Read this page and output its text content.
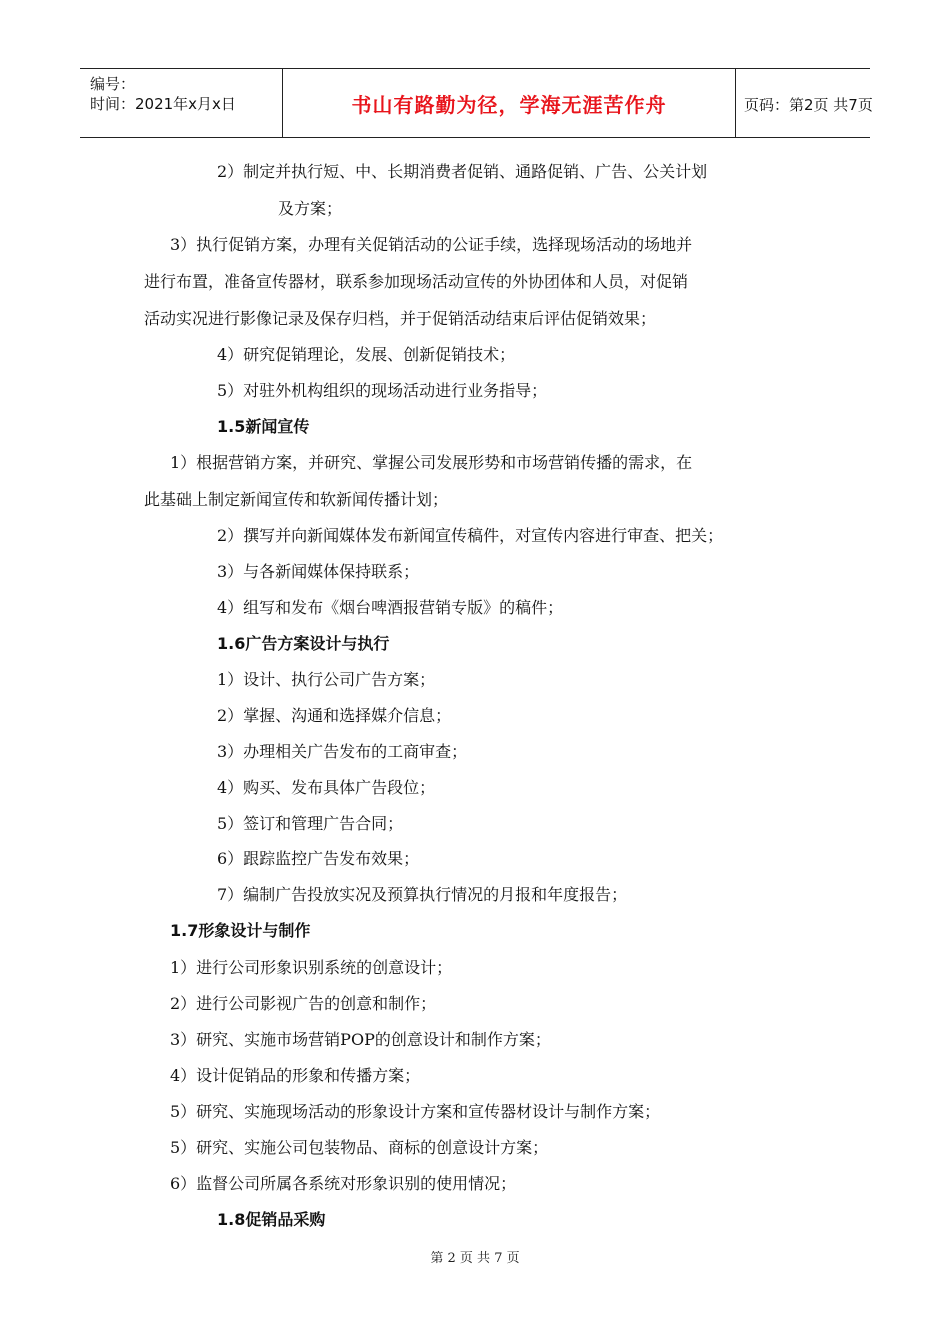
编号：
时间：2021年x月x日	书山有路勤为径，学海无涯苦作舟	页码：第2页 共7页
2）制定并执行短、中、长期消费者促销、通路促销、广告、公关计划
及方案；
3）执行促销方案，办理有关促销活动的公证手续，选择现场活动的场地并
进行布置，准备宣传器材，联系参加现场活动宣传的外协团体和人员，对促销
活动实况进行影像记录及保存归档，并于促销活动结束后评估促销效果；
4）研究促销理论，发展、创新促销技术；
5）对驻外机构组织的现场活动进行业务指导；
1.5新闻宣传
1）根据营销方案，并研究、掌握公司发展形势和市场营销传播的需求，在
此基础上制定新闻宣传和软新闻传播计划；
2）撰写并向新闻媒体发布新闻宣传稿件，对宣传内容进行审查、把关；
3）与各新闻媒体保持联系；
4）组写和发布《烟台啤酒报营销专版》的稿件；
1.6广告方案设计与执行
1）设计、执行公司广告方案；
2）掌握、沟通和选择媒介信息；
3）办理相关广告发布的工商审查；
4）购买、发布具体广告段位；
5）签订和管理广告合同；
6）跟踪监控广告发布效果；
7）编制广告投放实况及预算执行情况的月报和年度报告；
1.7形象设计与制作
1）进行公司形象识别系统的创意设计；
2）进行公司影视广告的创意和制作；
3）研究、实施市场营销POP的创意设计和制作方案；
4）设计促销品的形象和传播方案；
5）研究、实施现场活动的形象设计方案和宣传器材设计与制作方案；
5）研究、实施公司包装物品、商标的创意设计方案；
6）监督公司所属各系统对形象识别的使用情况；
1.8促销品采购
第 2 页 共 7 页
